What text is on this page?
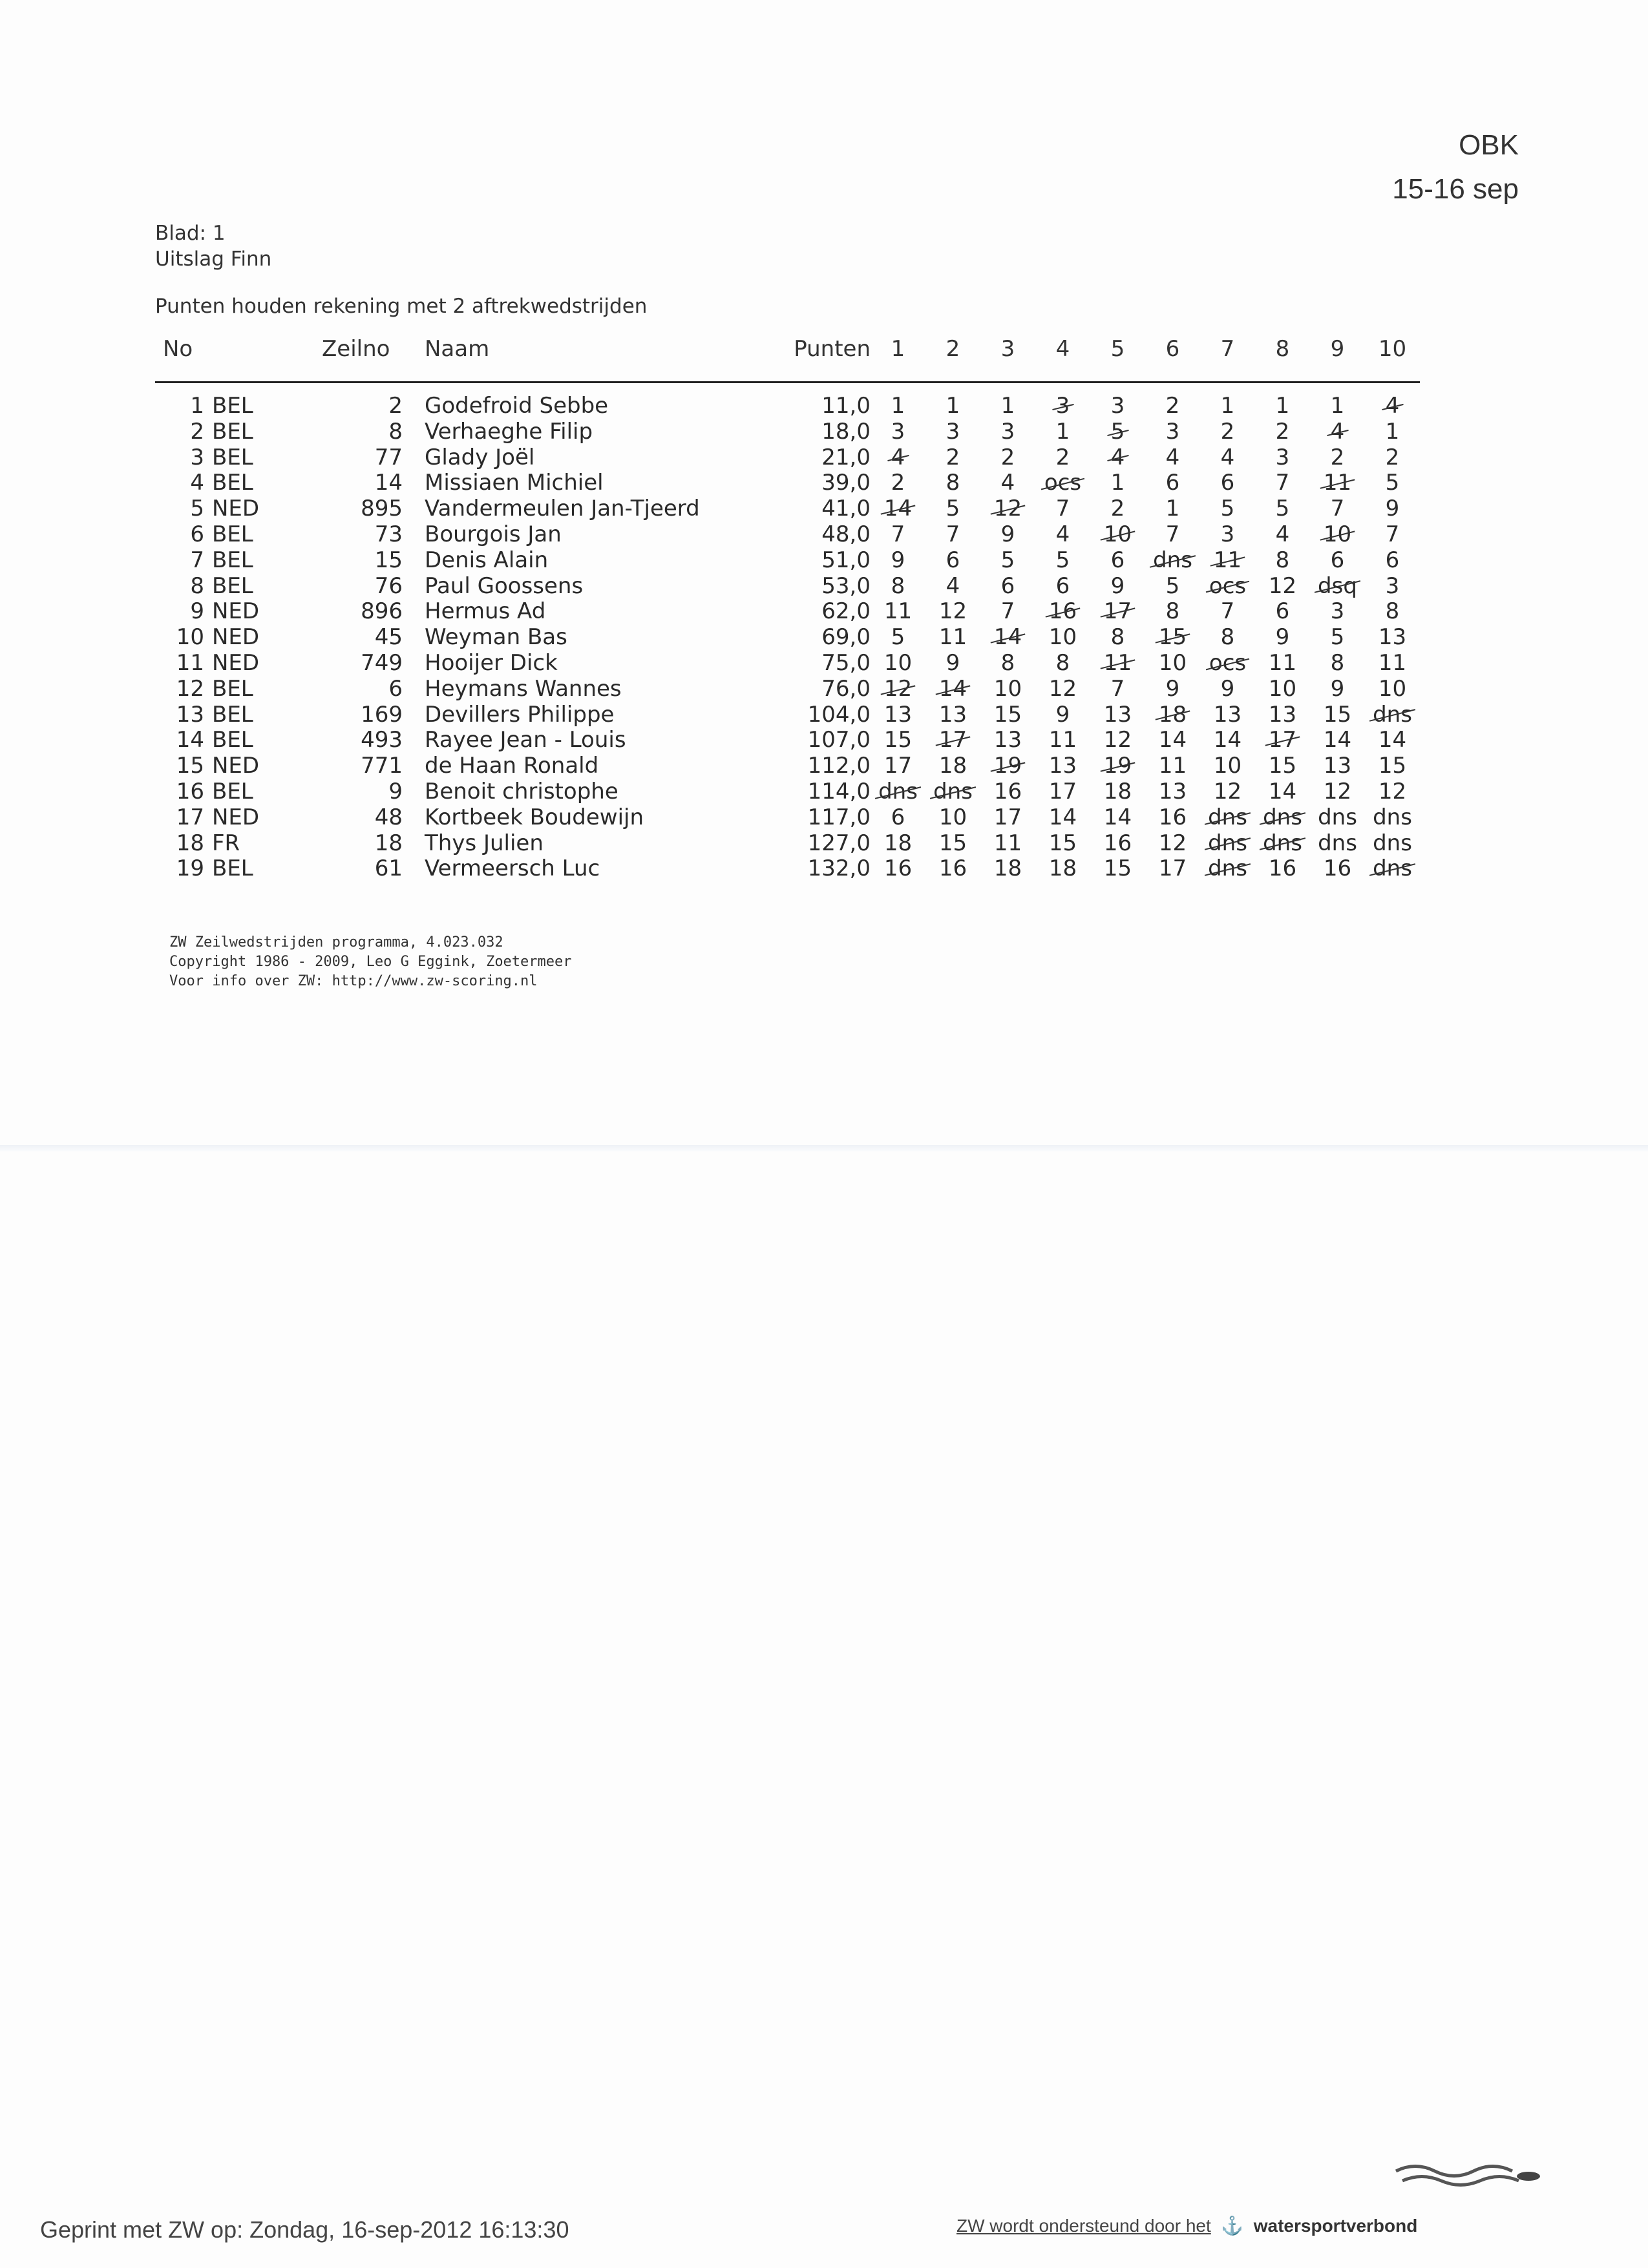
OBK
15-16 sep
Blad: 1
Uitslag Finn
Punten houden rekening met 2 aftrekwedstrijden
No		Zeilno	Naam	Punten	1	2	3	4	5	6	7	8	9	10
1	BEL	2	Godefroid Sebbe	11,0	1	1	1	3	3	2	1	1	1	4
2	BEL	8	Verhaeghe Filip	18,0	3	3	3	1	5	3	2	2	4	1
3	BEL	77	Glady Joël	21,0	4	2	2	2	4	4	4	3	2	2
4	BEL	14	Missiaen Michiel	39,0	2	8	4	ocs	1	6	6	7	11	5
5	NED	895	Vandermeulen Jan-Tjeerd	41,0	14	5	12	7	2	1	5	5	7	9
6	BEL	73	Bourgois Jan	48,0	7	7	9	4	10	7	3	4	10	7
7	BEL	15	Denis Alain	51,0	9	6	5	5	6	dns	11	8	6	6
8	BEL	76	Paul Goossens	53,0	8	4	6	6	9	5	ocs	12	dsq	3
9	NED	896	Hermus Ad	62,0	11	12	7	16	17	8	7	6	3	8
10	NED	45	Weyman Bas	69,0	5	11	14	10	8	15	8	9	5	13
11	NED	749	Hooijer Dick	75,0	10	9	8	8	11	10	ocs	11	8	11
12	BEL	6	Heymans Wannes	76,0	12	14	10	12	7	9	9	10	9	10
13	BEL	169	Devillers Philippe	104,0	13	13	15	9	13	18	13	13	15	dns
14	BEL	493	Rayee Jean - Louis	107,0	15	17	13	11	12	14	14	17	14	14
15	NED	771	de Haan Ronald	112,0	17	18	19	13	19	11	10	15	13	15
16	BEL	9	Benoit christophe	114,0	dns	dns	16	17	18	13	12	14	12	12
17	NED	48	Kortbeek Boudewijn	117,0	6	10	17	14	14	16	dns	dns	dns	dns
18	FR	18	Thys Julien	127,0	18	15	11	15	16	12	dns	dns	dns	dns
19	BEL	61	Vermeersch Luc	132,0	16	16	18	18	15	17	dns	16	16	dns
ZW Zeilwedstrijden programma, 4.023.032
Copyright 1986 - 2009, Leo G Eggink, Zoetermeer
Voor info over ZW: http://www.zw-scoring.nl
Geprint met ZW op: Zondag, 16-sep-2012 16:13:30	ZW wordt ondersteund door het  ⚓  watersportverbond
